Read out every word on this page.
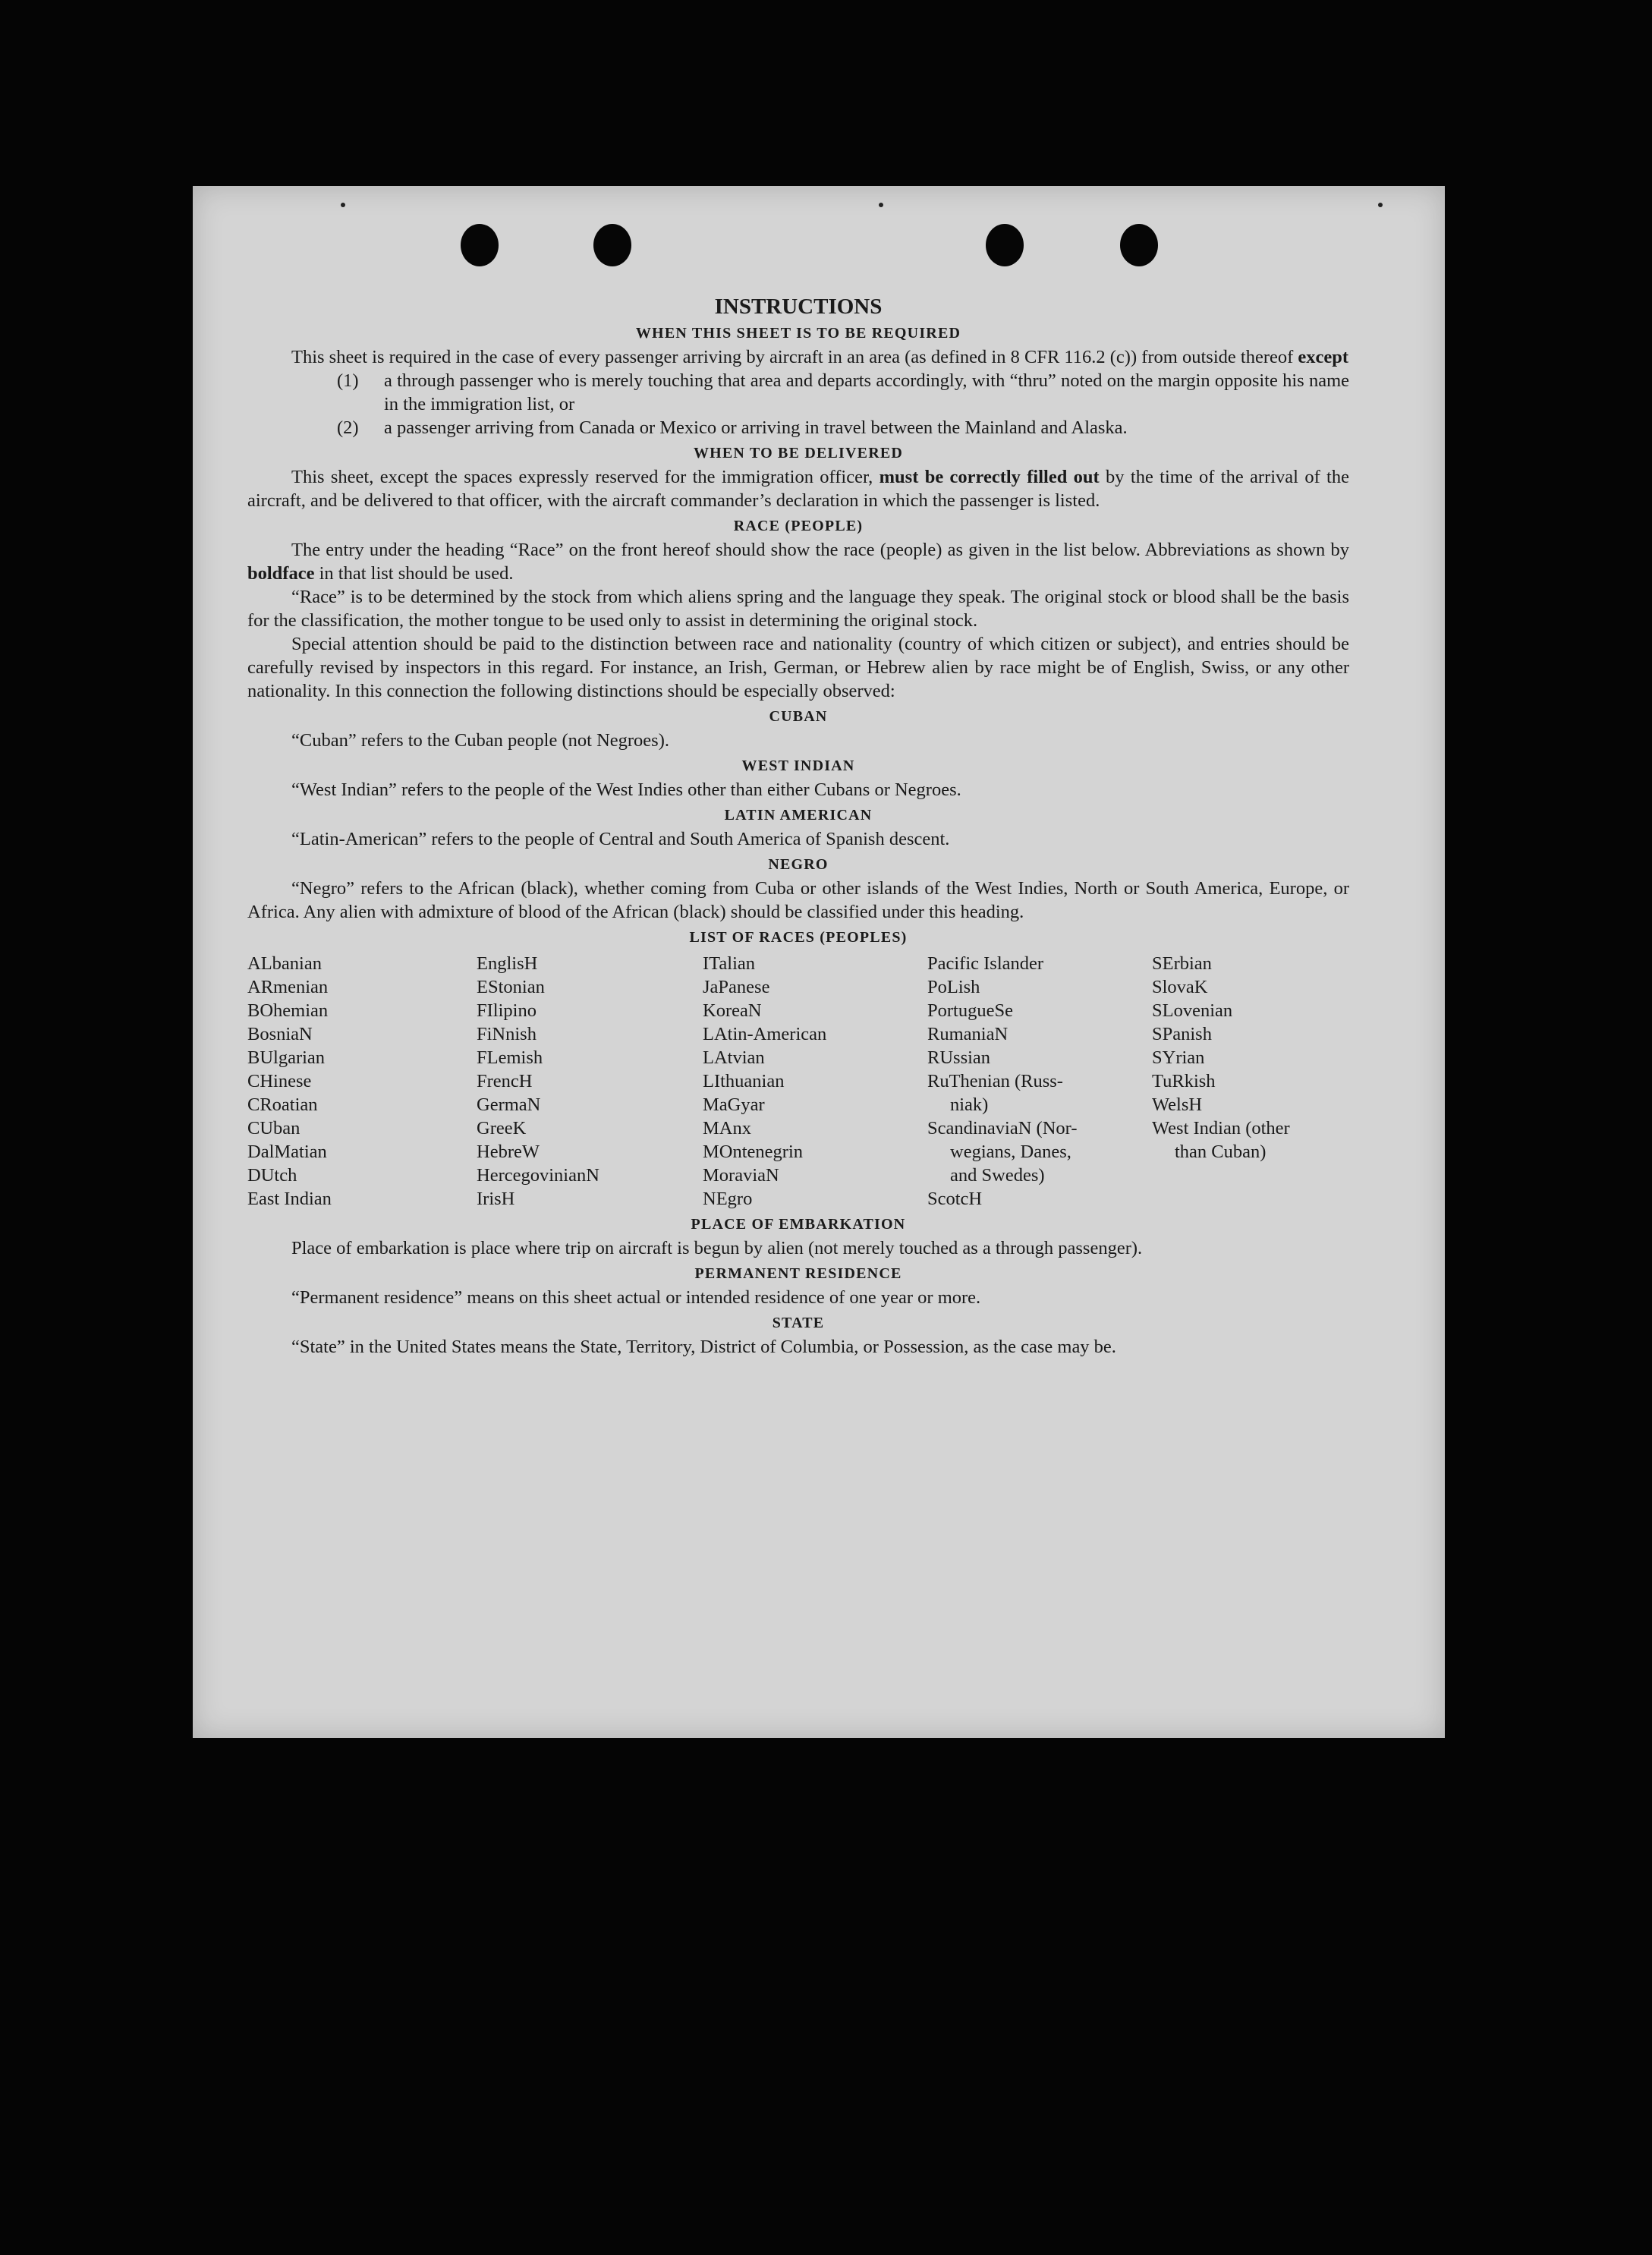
INSTRUCTIONS
WHEN THIS SHEET IS TO BE REQUIRED

This sheet is required in the case of every passenger arriving by aircraft in an area (as defined in 8 CFR 116.2 (c)) from outside thereof except

(1)	a through passenger who is merely touching that area and departs accordingly, with “thru” noted on the margin opposite his name in the immigration list, or
(2)	a passenger arriving from Canada or Mexico or arriving in travel between the Mainland and Alaska.
WHEN TO BE DELIVERED

This sheet, except the spaces expressly reserved for the immigration officer, must be correctly filled out by the time of the arrival of the aircraft, and be delivered to that officer, with the aircraft commander’s declaration in which the passenger is listed.

RACE (PEOPLE)

The entry under the heading “Race” on the front hereof should show the race (people) as given in the list below. Abbreviations as shown by boldface in that list should be used.

“Race” is to be determined by the stock from which aliens spring and the language they speak. The original stock or blood shall be the basis for the classification, the mother tongue to be used only to assist in determining the original stock.

Special attention should be paid to the distinction between race and nationality (country of which citizen or subject), and entries should be carefully revised by inspectors in this regard. For instance, an Irish, German, or Hebrew alien by race might be of English, Swiss, or any other nationality. In this connection the following distinctions should be especially observed:

CUBAN

“Cuban” refers to the Cuban people (not Negroes).

WEST INDIAN

“West Indian” refers to the people of the West Indies other than either Cubans or Negroes.

LATIN AMERICAN

“Latin-American” refers to the people of Central and South America of Spanish descent.

NEGRO

“Negro” refers to the African (black), whether coming from Cuba or other islands of the West Indies, North or South America, Europe, or Africa. Any alien with admixture of blood of the African (black) should be classified under this heading.

LIST OF RACES (PEOPLES)
ALbanian
ARmenian
BOhemian
BosniaN
BUlgarian
CHinese
CRoatian
CUban
DalMatian
DUtch
East Indian
EnglisH
EStonian
FIlipino
FiNnish
FLemish
FrencH
GermaN
GreeK
HebreW
HercegovinianN
IrisH
ITalian
JaPanese
KoreaN
LAtin-American
LAtvian
LIthuanian
MaGyar
MAnx
MOntenegrin
MoraviaN
NEgro
Pacific Islander
PoLish
PortugueSe
RumaniaN
RUssian
RuThenian (Russ-
niak)
ScandinaviaN (Nor-
wegians, Danes,
and Swedes)
ScotcH
SErbian
SlovaK
SLovenian
SPanish
SYrian
TuRkish
WelsH
West Indian (other
than Cuban)
PLACE OF EMBARKATION

Place of embarkation is place where trip on aircraft is begun by alien (not merely touched as a through passenger).

PERMANENT RESIDENCE

“Permanent residence” means on this sheet actual or intended residence of one year or more.

STATE

“State” in the United States means the State, Territory, District of Columbia, or Possession, as the case may be.
